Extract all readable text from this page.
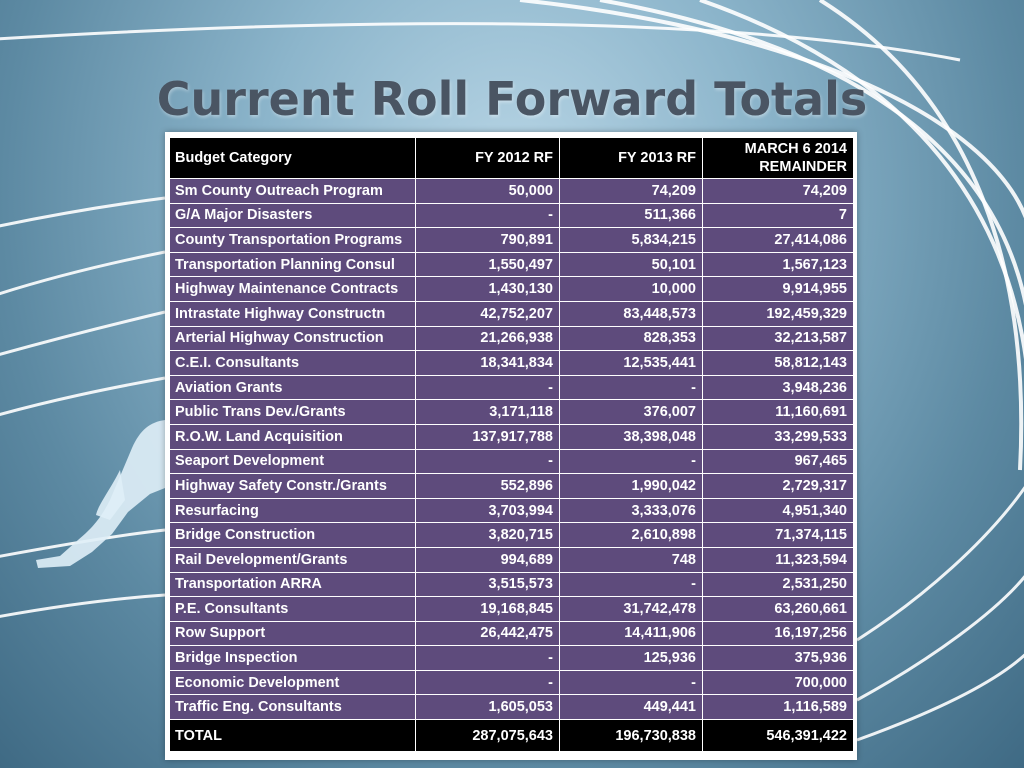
Current Roll Forward Totals
Budget Category	FY 2012 RF	FY 2013 RF	MARCH 6 2014
REMAINDER
Sm County Outreach Program	50,000	74,209	74,209
G/A Major Disasters	-	511,366	7
County Transportation Programs	790,891	5,834,215	27,414,086
Transportation Planning Consul	1,550,497	50,101	1,567,123
Highway Maintenance Contracts	1,430,130	10,000	9,914,955
Intrastate Highway Constructn	42,752,207	83,448,573	192,459,329
Arterial Highway Construction	21,266,938	828,353	32,213,587
C.E.I. Consultants	18,341,834	12,535,441	58,812,143
Aviation Grants	-	-	3,948,236
Public Trans Dev./Grants	3,171,118	376,007	11,160,691
R.O.W. Land Acquisition	137,917,788	38,398,048	33,299,533
Seaport Development	-	-	967,465
Highway Safety Constr./Grants	552,896	1,990,042	2,729,317
Resurfacing	3,703,994	3,333,076	4,951,340
Bridge Construction	3,820,715	2,610,898	71,374,115
Rail Development/Grants	994,689	748	11,323,594
Transportation ARRA	3,515,573	-	2,531,250
P.E. Consultants	19,168,845	31,742,478	63,260,661
Row Support	26,442,475	14,411,906	16,197,256
Bridge Inspection	-	125,936	375,936
Economic Development	-	-	700,000
Traffic Eng. Consultants	1,605,053	449,441	1,116,589
TOTAL	287,075,643	196,730,838	546,391,422
